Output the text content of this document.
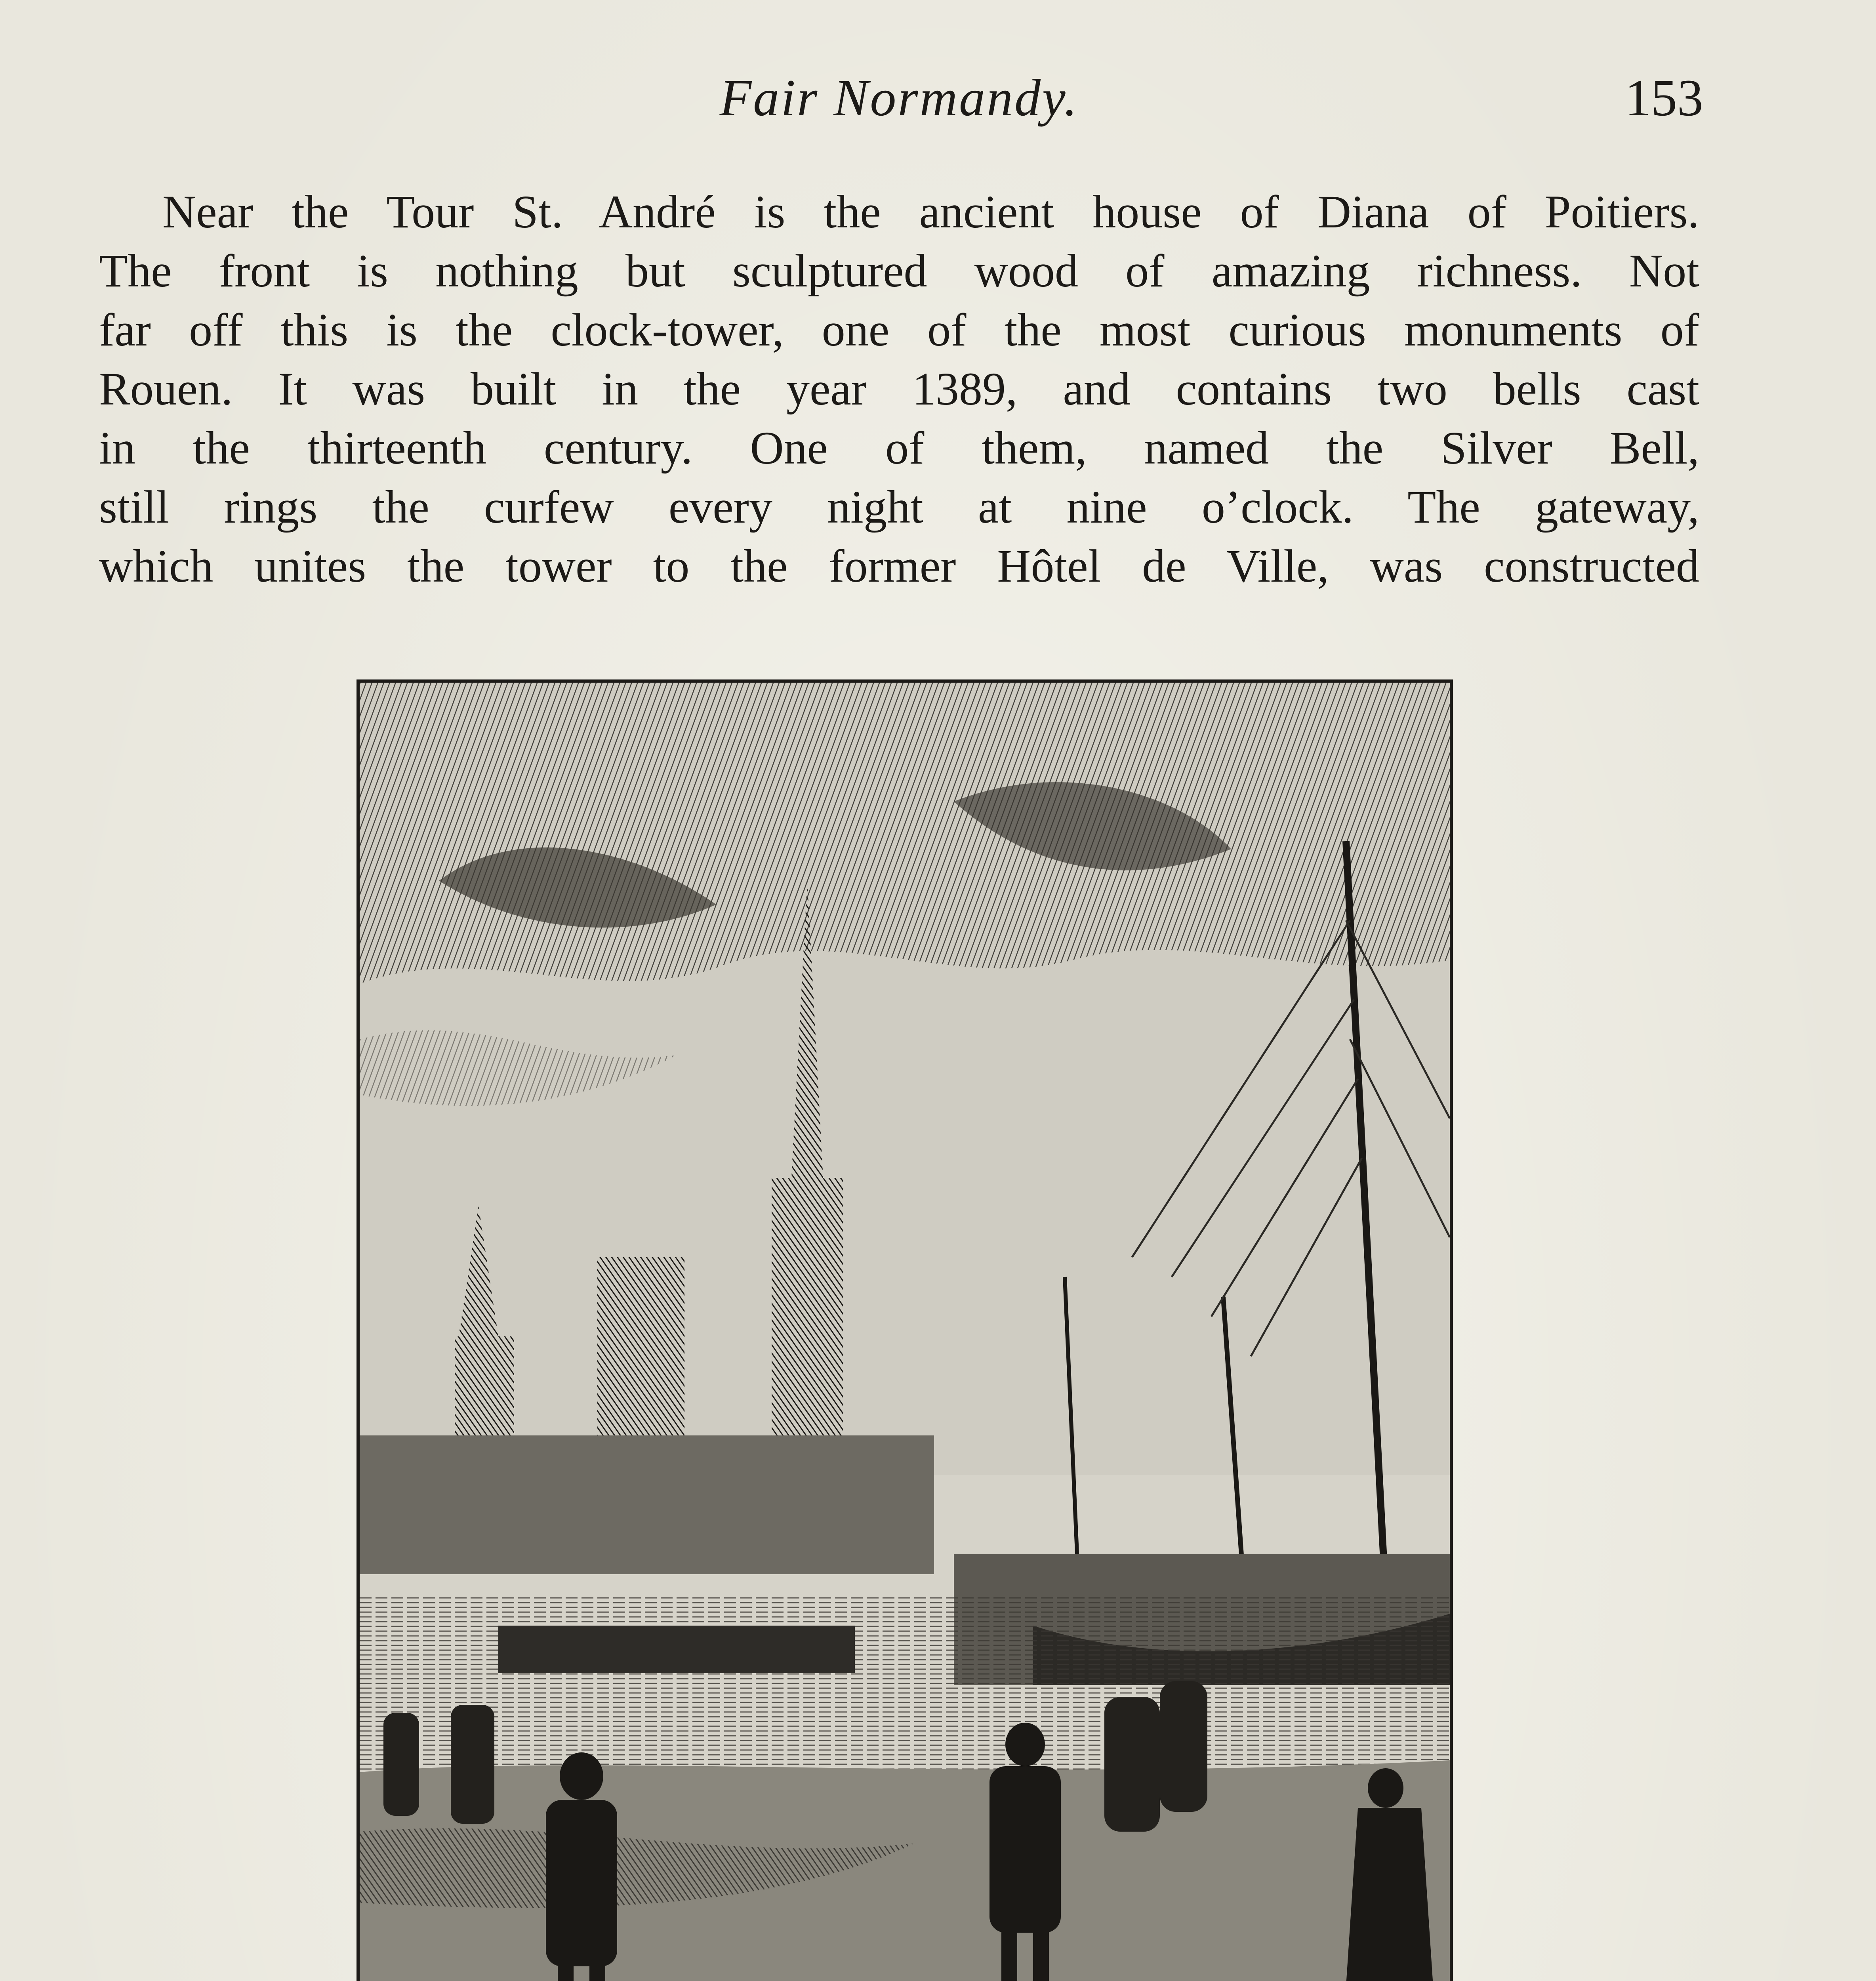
Fair Normandy.	153
Near the Tour St. André is the ancient house of Diana of Poitiers.
The front is nothing but sculptured wood of amazing richness. Not
far off this is the clock-tower, one of the most curious monuments of
Rouen. It was built in the year 1389, and contains two bells cast
in the thirteenth century. One of them, named the Silver Bell,
still rings the curfew every night at nine o’clock. The gateway,
which unites the tower to the former Hôtel de Ville, was constructed
